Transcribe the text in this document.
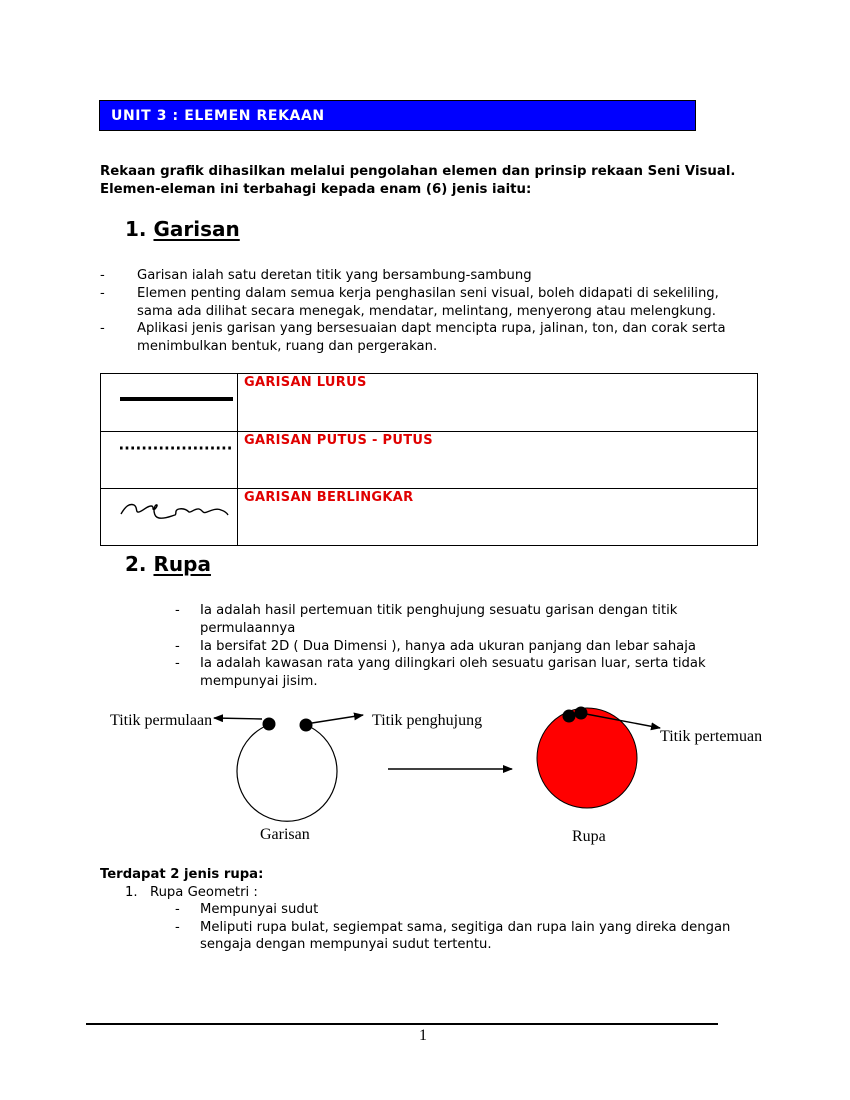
UNIT 3 : ELEMEN REKAAN
Rekaan grafik dihasilkan melalui pengolahan elemen dan prinsip rekaan Seni Visual.
Elemen-eleman ini terbahagi kepada enam (6) jenis iaitu:
1. Garisan
- Garisan ialah satu deretan titik yang bersambung-sambung
- Elemen penting dalam semua kerja penghasilan seni visual, boleh didapati di sekeliling,
sama ada dilihat secara menegak, mendatar, melintang, menyerong atau melengkung.
- Aplikasi jenis garisan yang bersesuaian dapt mencipta rupa, jalinan, ton, dan corak serta
menimbulkan bentuk, ruang dan pergerakan.
	GARISAN LURUS
	GARISAN PUTUS - PUTUS
	GARISAN BERLINGKAR
2. Rupa
- Ia adalah hasil pertemuan titik penghujung sesuatu garisan dengan titik
permulaannya
- Ia bersifat 2D ( Dua Dimensi ), hanya ada ukuran panjang dan lebar sahaja
- Ia adalah kawasan rata yang dilingkari oleh sesuatu garisan luar, serta tidak
mempunyai jisim.
Titik permulaan	Titik penghujung
Titik pertemuan
Garisan	Rupa
Terdapat 2 jenis rupa:
1. Rupa Geometri :
- Mempunyai sudut
- Meliputi rupa bulat, segiempat sama, segitiga dan rupa lain yang direka dengan
sengaja dengan mempunyai sudut tertentu.
1
